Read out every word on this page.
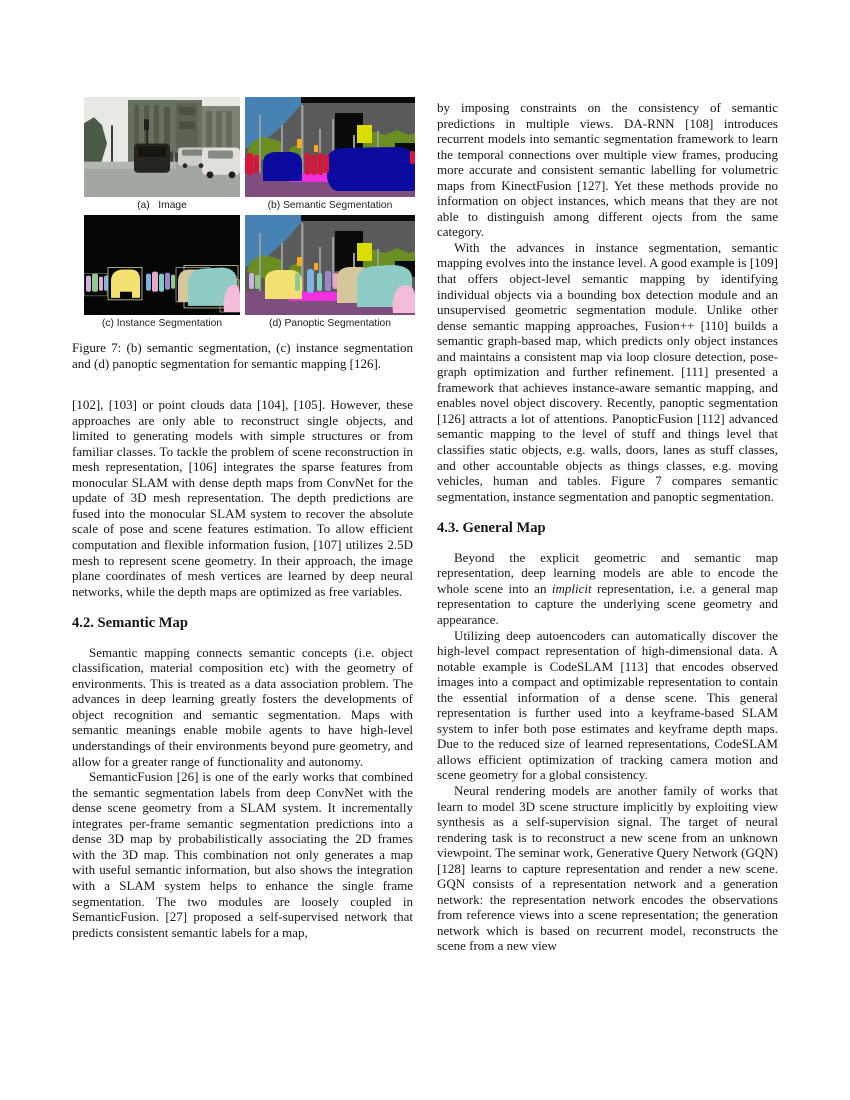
(a)   Image	(b) Semantic Segmentation
(c) Instance Segmentation	(d) Panoptic Segmentation

Figure 7: (b) semantic segmentation, (c) instance segmentation and (d) panoptic segmentation for semantic mapping [126].

[102], [103] or point clouds data [104], [105]. However, these approaches are only able to reconstruct single objects, and limited to generating models with simple structures or from familiar classes. To tackle the problem of scene reconstruction in mesh representation, [106] integrates the sparse features from monocular SLAM with dense depth maps from ConvNet for the update of 3D mesh representation. The depth predictions are fused into the monocular SLAM system to recover the absolute scale of pose and scene features estimation. To allow efficient computation and flexible information fusion, [107] utilizes 2.5D mesh to represent scene geometry. In their approach, the image plane coordinates of mesh vertices are learned by deep neural networks, while the depth maps are optimized as free variables.

4.2. Semantic Map

Semantic mapping connects semantic concepts (i.e. object classification, material composition etc) with the geometry of environments. This is treated as a data association problem. The advances in deep learning greatly fosters the developments of object recognition and semantic segmentation. Maps with semantic meanings enable mobile agents to have high-level understandings of their environments beyond pure geometry, and allow for a greater range of functionality and autonomy.

SemanticFusion [26] is one of the early works that combined the semantic segmentation labels from deep ConvNet with the dense scene geometry from a SLAM system. It incrementally integrates per-frame semantic segmentation predictions into a dense 3D map by probabilistically associating the 2D frames with the 3D map. This combination not only generates a map with useful semantic information, but also shows the integration with a SLAM system helps to enhance the single frame segmentation. The two modules are loosely coupled in SemanticFusion. [27] proposed a self-supervised network that predicts consistent semantic labels for a map,

by imposing constraints on the consistency of semantic predictions in multiple views. DA-RNN [108] introduces recurrent models into semantic segmentation framework to learn the temporal connections over multiple view frames, producing more accurate and consistent semantic labelling for volumetric maps from KinectFusion [127]. Yet these methods provide no information on object instances, which means that they are not able to distinguish among different ojects from the same category.

With the advances in instance segmentation, semantic mapping evolves into the instance level. A good example is [109] that offers object-level semantic mapping by identifying individual objects via a bounding box detection module and an unsupervised geometric segmentation module. Unlike other dense semantic mapping approaches, Fusion++ [110] builds a semantic graph-based map, which predicts only object instances and maintains a consistent map via loop closure detection, pose-graph optimization and further refinement. [111] presented a framework that achieves instance-aware semantic mapping, and enables novel object discovery. Recently, panoptic segmentation [126] attracts a lot of attentions. PanopticFusion [112] advanced semantic mapping to the level of stuff and things level that classifies static objects, e.g. walls, doors, lanes as stuff classes, and other accountable objects as things classes, e.g. moving vehicles, human and tables. Figure 7 compares semantic segmentation, instance segmentation and panoptic segmentation.

4.3. General Map

Beyond the explicit geometric and semantic map representation, deep learning models are able to encode the whole scene into an implicit representation, i.e. a general map representation to capture the underlying scene geometry and appearance.

Utilizing deep autoencoders can automatically discover the high-level compact representation of high-dimensional data. A notable example is CodeSLAM [113] that encodes observed images into a compact and optimizable representation to contain the essential information of a dense scene. This general representation is further used into a keyframe-based SLAM system to infer both pose estimates and keyframe depth maps. Due to the reduced size of learned representations, CodeSLAM allows efficient optimization of tracking camera motion and scene geometry for a global consistency.

Neural rendering models are another family of works that learn to model 3D scene structure implicitly by exploiting view synthesis as a self-supervision signal. The target of neural rendering task is to reconstruct a new scene from an unknown viewpoint. The seminar work, Generative Query Network (GQN) [128] learns to capture representation and render a new scene. GQN consists of a representation network and a generation network: the representation network encodes the observations from reference views into a scene representation; the generation network which is based on recurrent model, reconstructs the scene from a new view
